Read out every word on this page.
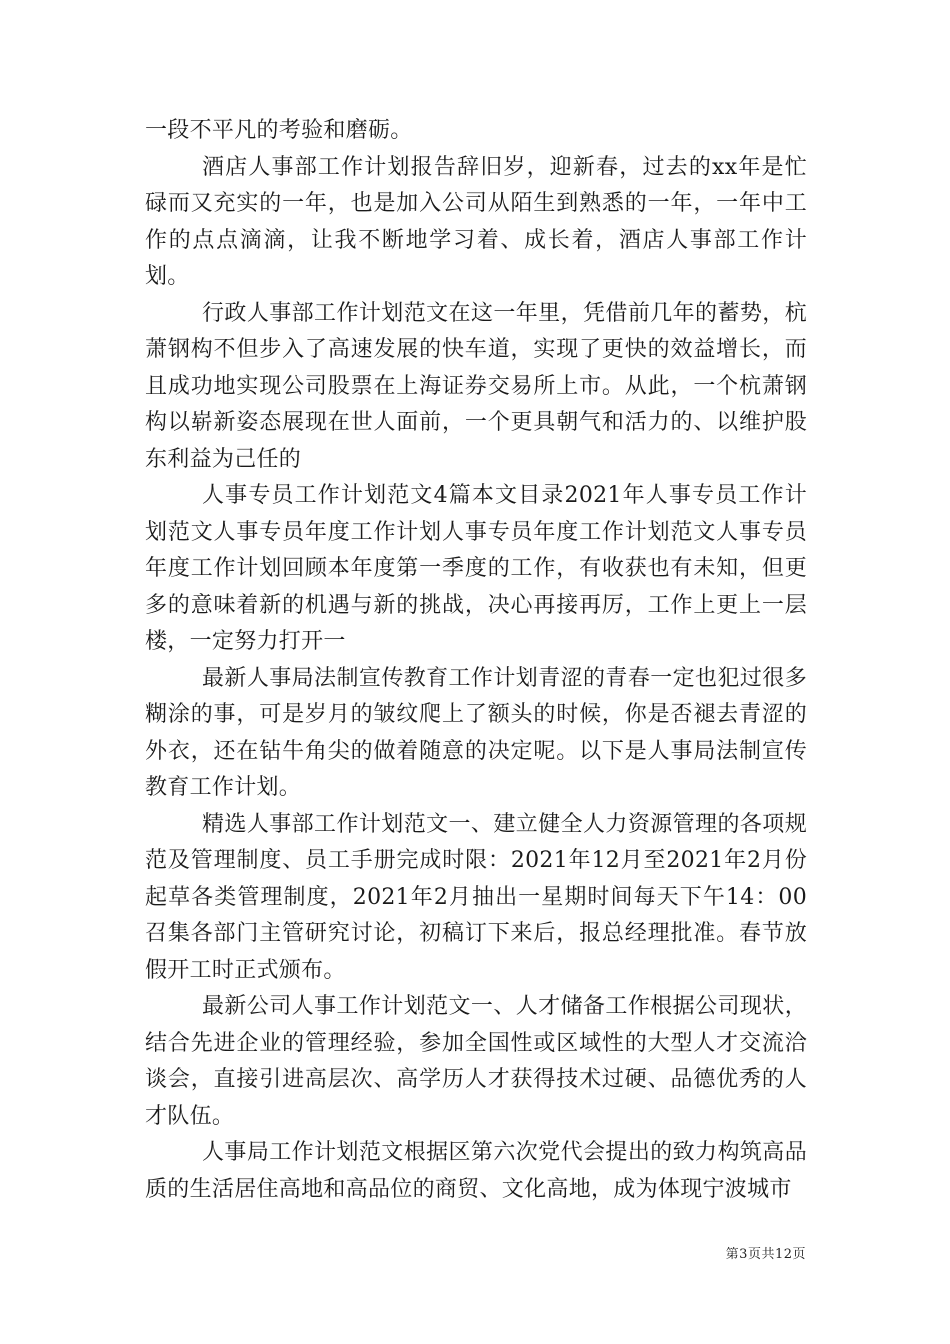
一段不平凡的考验和磨砺。

酒店人事部工作计划报告辞旧岁，迎新春，过去的xx年是忙碌而又充实的一年，也是加入公司从陌生到熟悉的一年，一年中工作的点点滴滴，让我不断地学习着、成长着，酒店人事部工作计划。

行政人事部工作计划范文在这一年里，凭借前几年的蓄势，杭萧钢构不但步入了高速发展的快车道，实现了更快的效益增长，而且成功地实现公司股票在上海证券交易所上市。从此，一个杭萧钢构以崭新姿态展现在世人面前，一个更具朝气和活力的、以维护股东利益为己任的

人事专员工作计划范文4篇本文目录2021年人事专员工作计划范文人事专员年度工作计划人事专员年度工作计划范文人事专员年度工作计划回顾本年度第一季度的工作，有收获也有未知，但更多的意味着新的机遇与新的挑战，决心再接再厉，工作上更上一层楼，一定努力打开一

最新人事局法制宣传教育工作计划青涩的青春一定也犯过很多糊涂的事，可是岁月的皱纹爬上了额头的时候，你是否褪去青涩的外衣，还在钻牛角尖的做着随意的决定呢。以下是人事局法制宣传教育工作计划。

精选人事部工作计划范文一、建立健全人力资源管理的各项规范及管理制度、员工手册完成时限：2021年12月至2021年2月份起草各类管理制度，2021年2月抽出一星期时间每天下午14：00召集各部门主管研究讨论，初稿订下来后，报总经理批准。春节放假开工时正式颁布。

最新公司人事工作计划范文一、人才储备工作根据公司现状，结合先进企业的管理经验，参加全国性或区域性的大型人才交流洽谈会，直接引进高层次、高学历人才获得技术过硬、品德优秀的人才队伍。

人事局工作计划范文根据区第六次党代会提出的致力构筑高品质的生活居住高地和高品位的商贸、文化高地，成为体现宁波城市

第3页共12页
